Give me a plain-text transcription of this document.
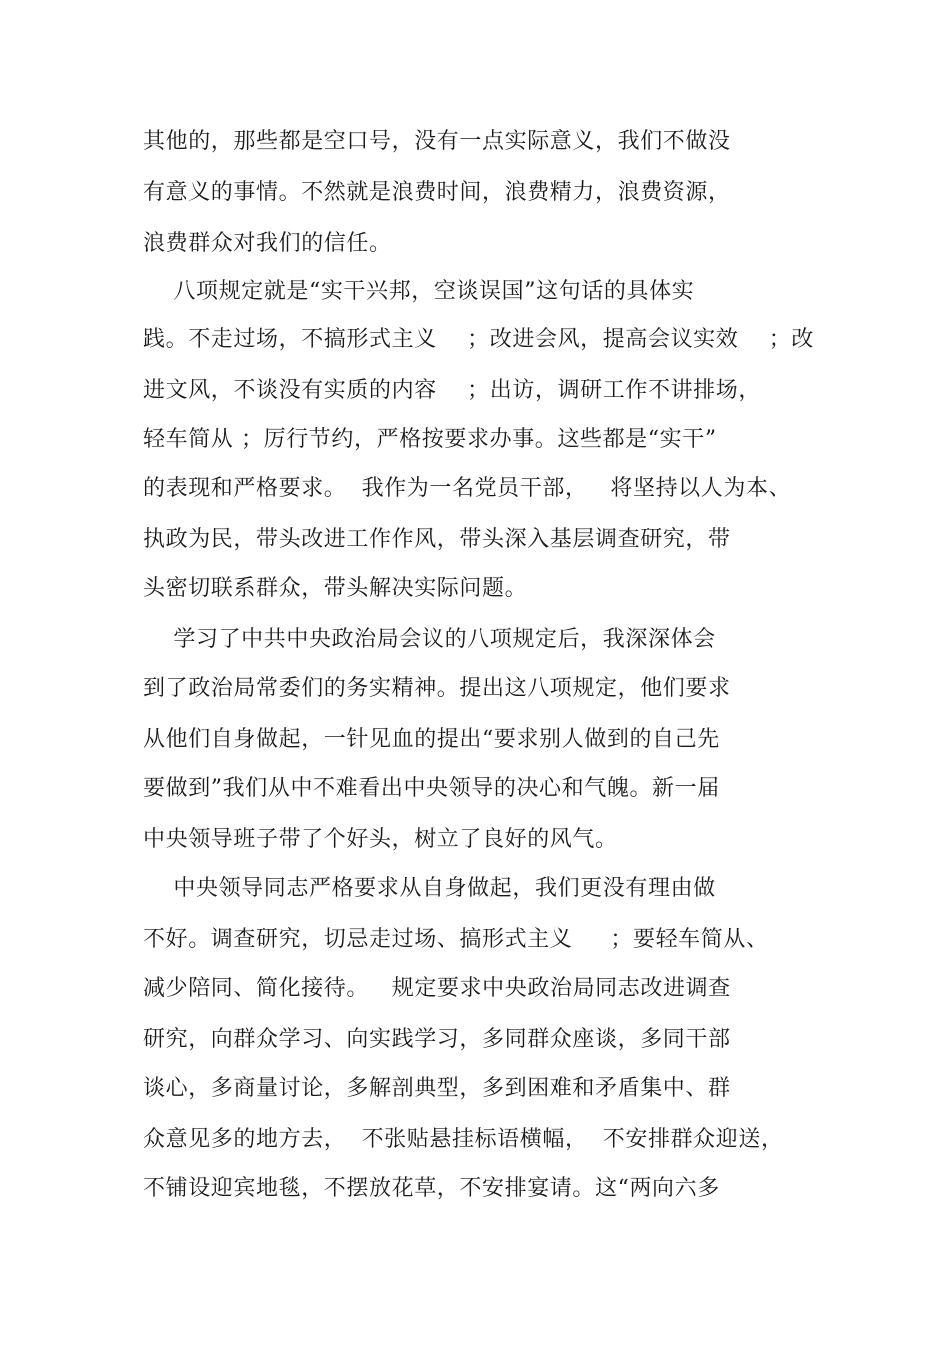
其他的，那些都是空口号，没有一点实际意义，我们不做没
有意义的事情。不然就是浪费时间，浪费精力，浪费资源，
浪费群众对我们的信任。
八项规定就是“实干兴邦，空谈误国”这句话的具体实
践。不走过场，不搞形式主义    ；改进会风，提高会议实效    ；改
进文风，不谈没有实质的内容    ；出访，调研工作不讲排场，
轻车简从 ；厉行节约，严格按要求办事。这些都是“实干”
的表现和严格要求。  我作为一名党员干部，   将坚持以人为本、
执政为民，带头改进工作作风，带头深入基层调查研究，带
头密切联系群众，带头解决实际问题。
学习了中共中央政治局会议的八项规定后，我深深体会
到了政治局常委们的务实精神。提出这八项规定，他们要求
从他们自身做起，一针见血的提出“要求别人做到的自己先
要做到”我们从中不难看出中央领导的决心和气魄。新一届
中央领导班子带了个好头，树立了良好的风气。
中央领导同志严格要求从自身做起，我们更没有理由做
不好。调查研究，切忌走过场、搞形式主义     ；要轻车简从、
减少陪同、简化接待。   规定要求中央政治局同志改进调查
研究，向群众学习、向实践学习，多同群众座谈，多同干部
谈心，多商量讨论，多解剖典型，多到困难和矛盾集中、群
众意见多的地方去，  不张贴悬挂标语横幅，  不安排群众迎送，
不铺设迎宾地毯，不摆放花草，不安排宴请。这“两向六多
